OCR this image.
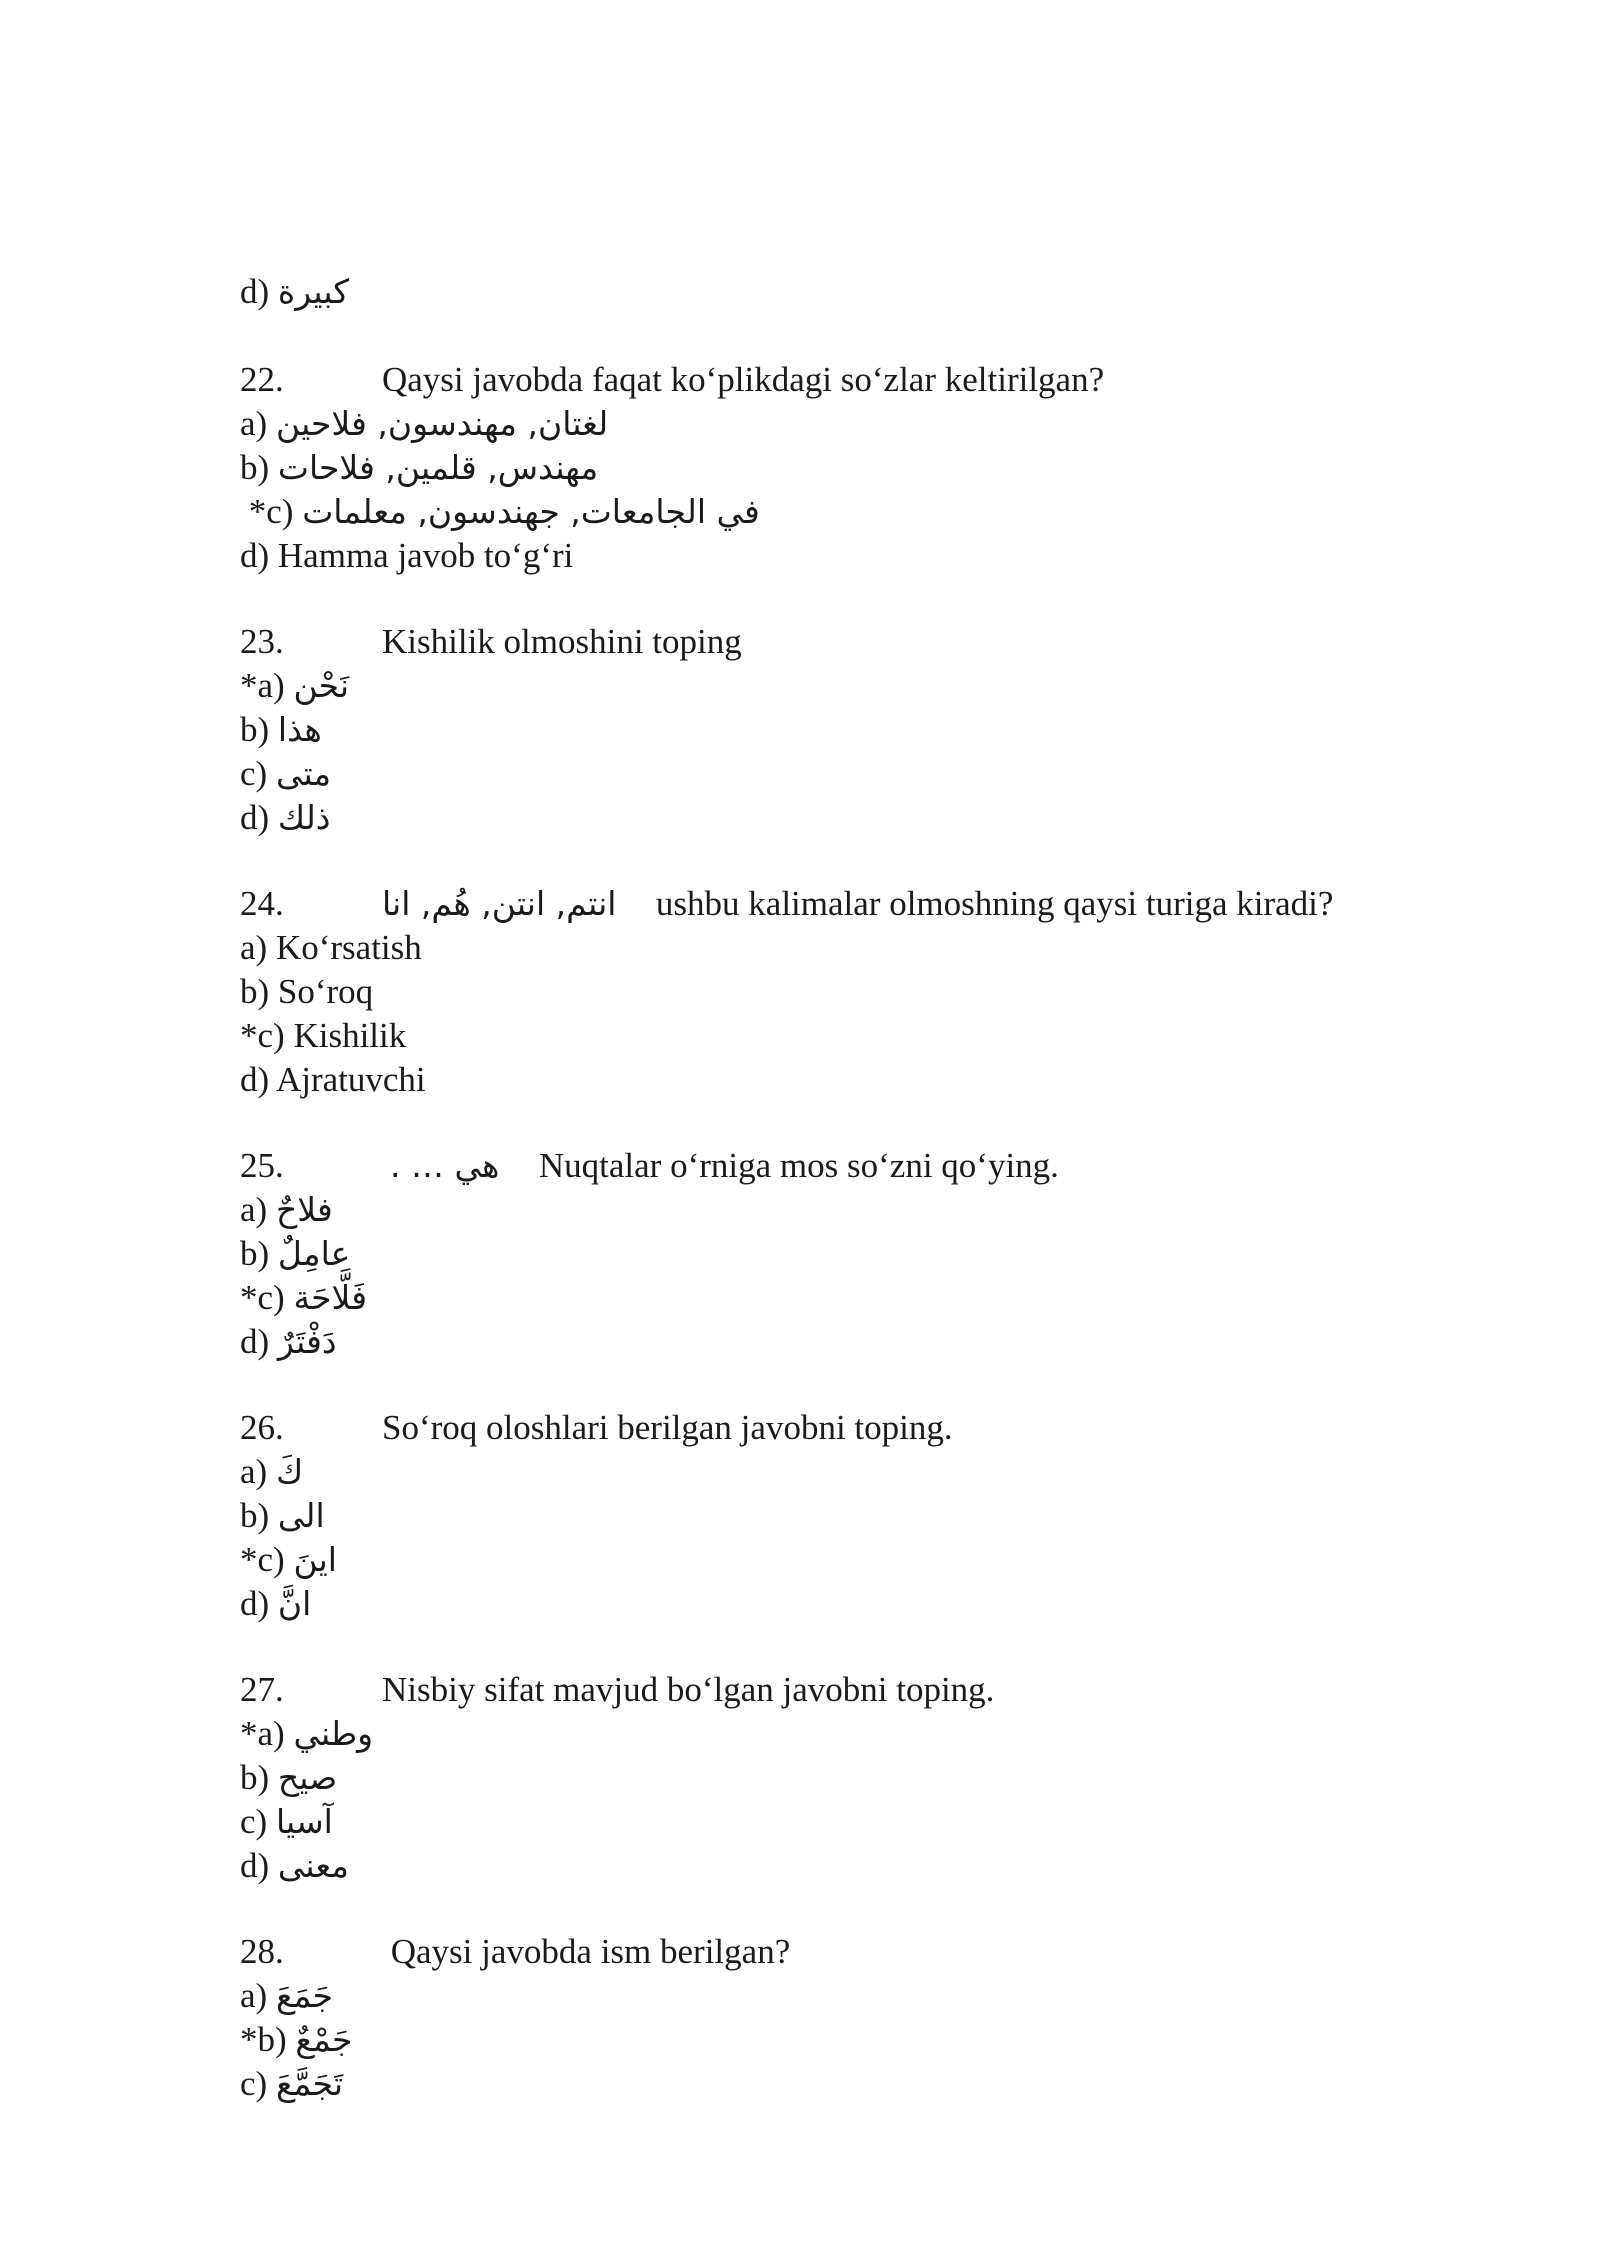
d) كبيرة
22.	Qaysi javobda faqat ko‘plikdagi so‘zlar keltirilgan?
a) لغتان, مهندسون, فلاحين
b) مهندس, قلمين, فلاحات
*c) في الجامعات, جهندسون, معلمات
d) Hamma javob to‘g‘ri
23.	Kishilik olmoshini toping
*a) نَحْن
b) هذا
c) متى
d) ذلك
24.	انتم, انتن, هُم, انا ushbu kalimalar olmoshning qaysi turiga kiradi?
a) Ko‘rsatish
b) So‘roq
*c) Kishilik
d) Ajratuvchi
25.	هي … . Nuqtalar o‘rniga mos so‘zni qo‘ying.
a) فلاحٌ
b) عامِلٌ
*c) فَلَّاحَة
d) دَفْتَرٌ
26.	So‘roq oloshlari berilgan javobni toping.
a) كَ
b) الى
*c) اينَ
d) انَّ
27.	Nisbiy sifat mavjud bo‘lgan javobni toping.
*a) وطني
b) صيح
c) آسيا
d) معنى
28.	Qaysi javobda ism berilgan?
a) جَمَعَ
*b) جَمْعٌ
c) تَجَمَّعَ
